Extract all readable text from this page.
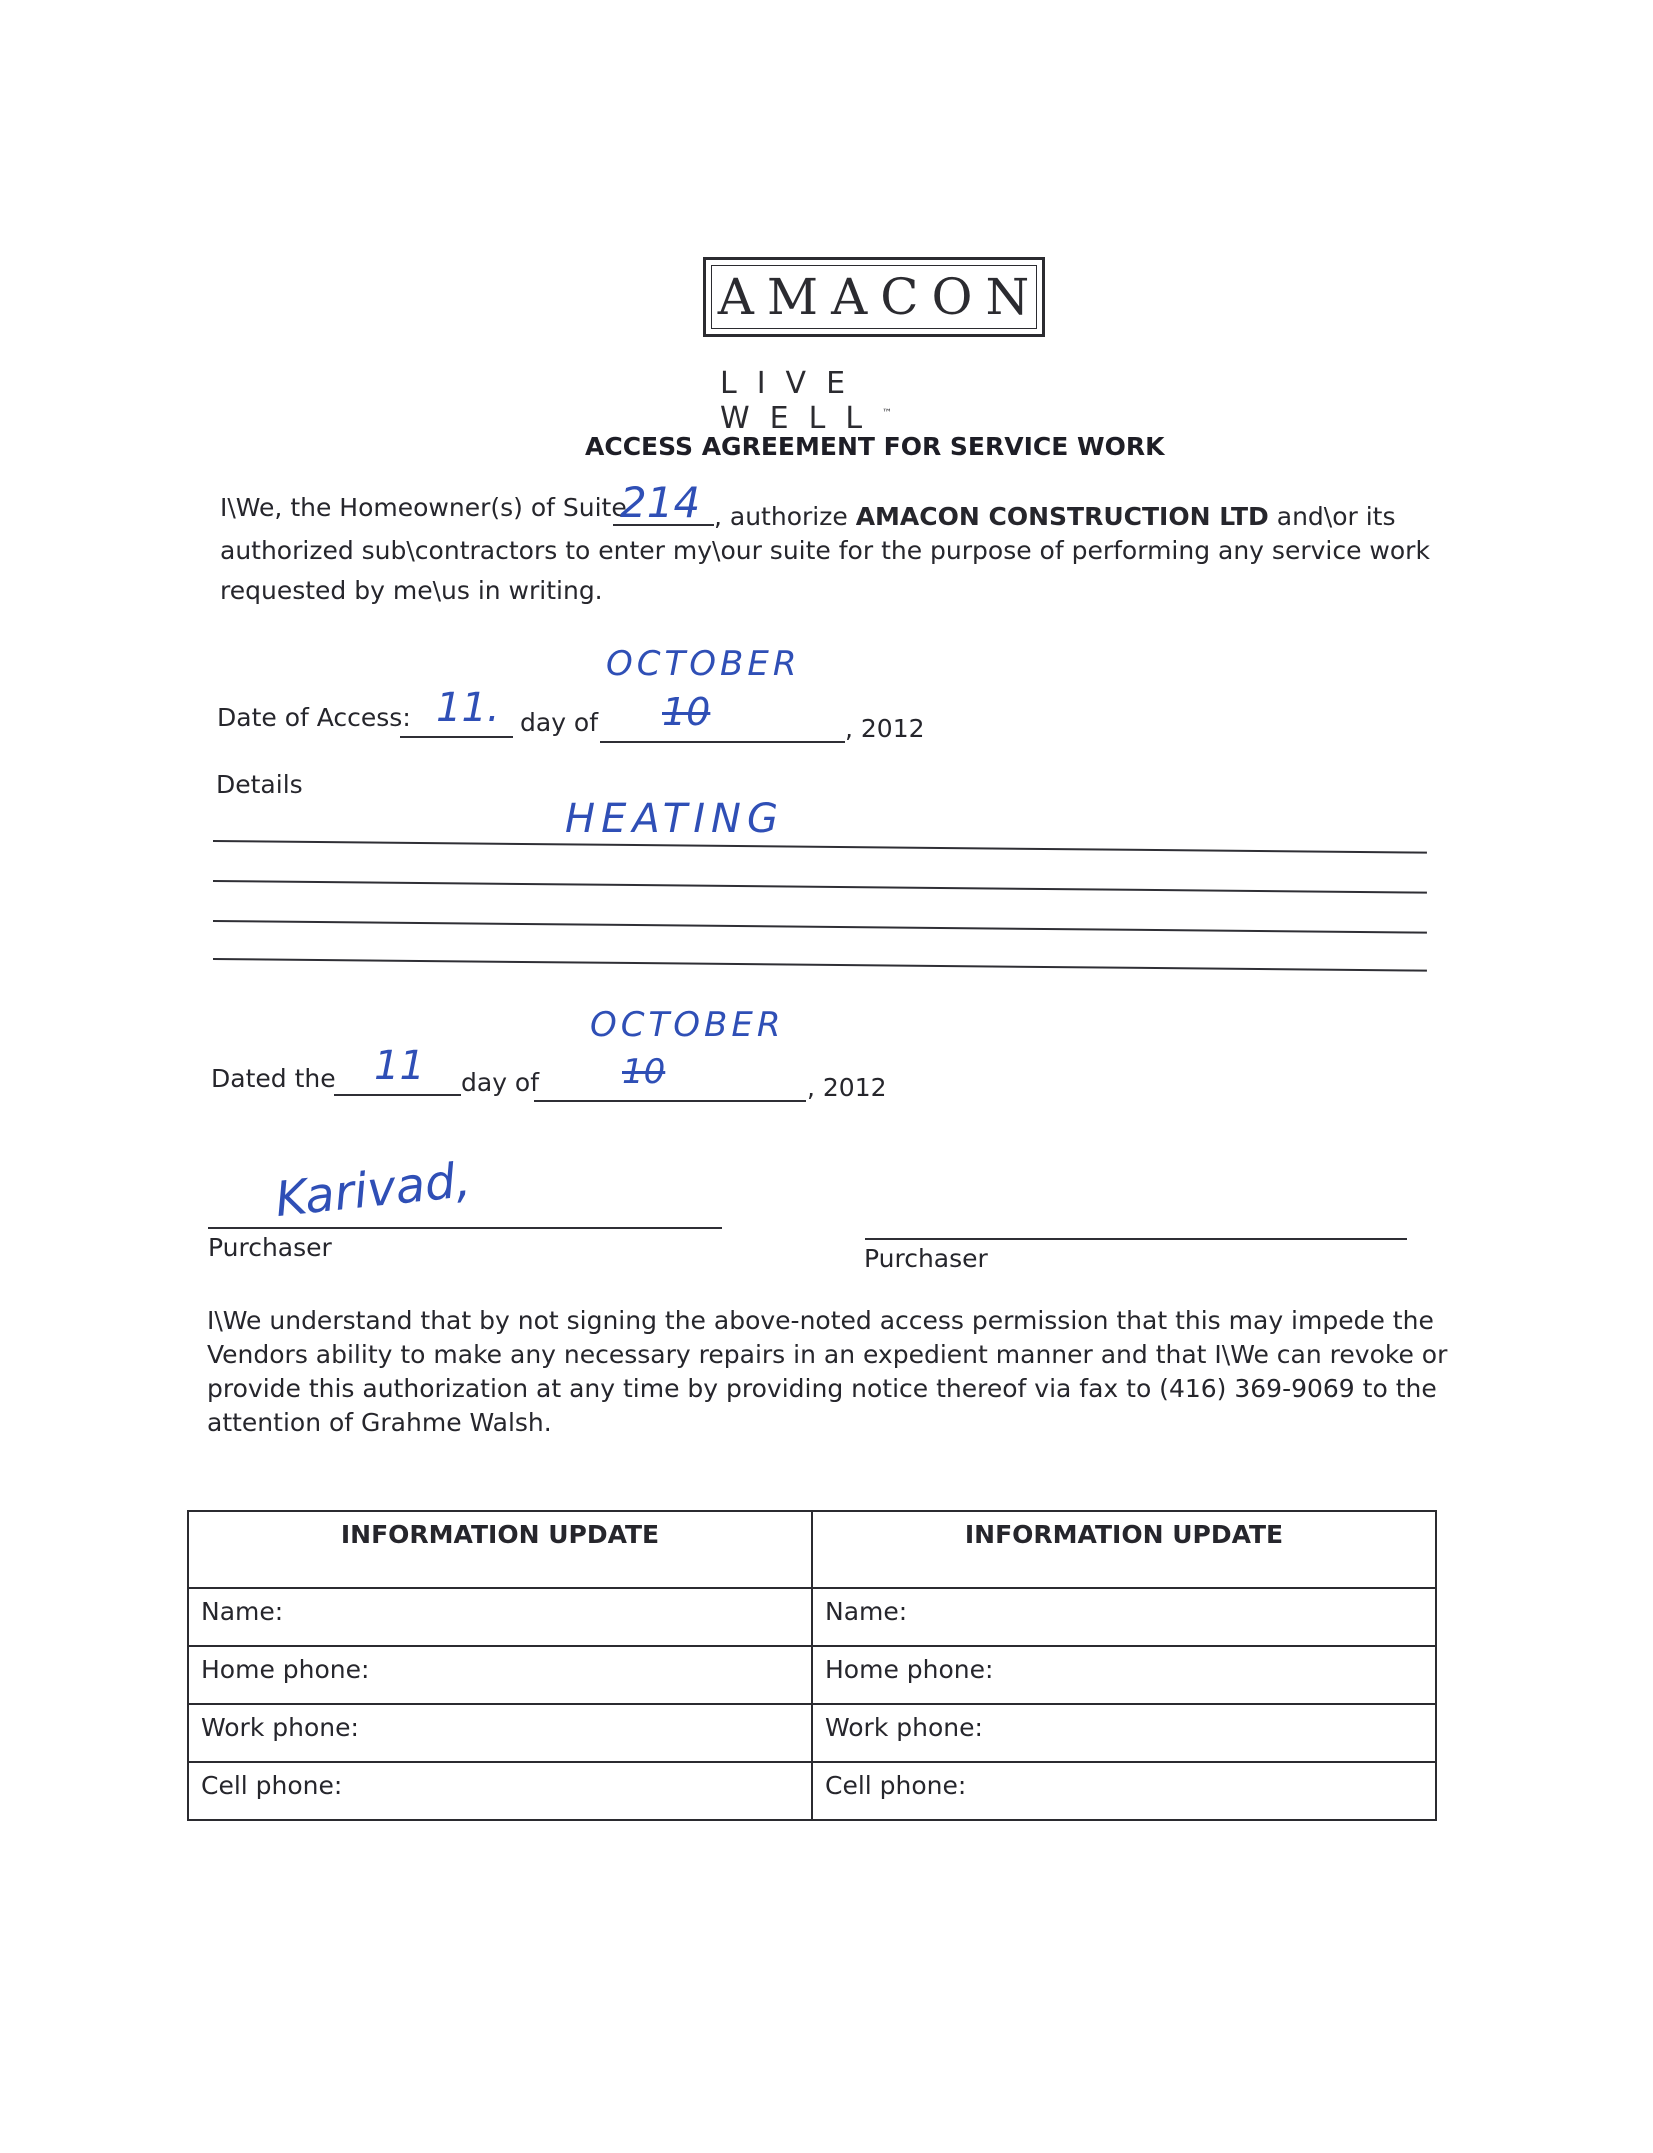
AMACON
LIVEWELL™
ACCESS AGREEMENT FOR SERVICE WORK
I\We, the Homeowner(s) of Suite
214 , authorize AMACON CONSTRUCTION LTD and\or its
authorized sub\contractors to enter my\our suite for the purpose of performing any service work
requested by me\us in writing.
OCTOBER
Date of Access: 11. day of 10	, 2012
Details
HEATING
OCTOBER
Dated the 11 day of 10	, 2012
Karivad,
Purchaser	Purchaser
I\We understand that by not signing the above-noted access permission that this may impede the
Vendors ability to make any necessary repairs in an expedient manner and that I\We can revoke or
provide this authorization at any time by providing notice thereof via fax to (416) 369-9069 to the
attention of Grahme Walsh.
INFORMATION UPDATE	INFORMATION UPDATE
Name:	Name:
Home phone:	Home phone:
Work phone:	Work phone:
Cell phone:	Cell phone:
